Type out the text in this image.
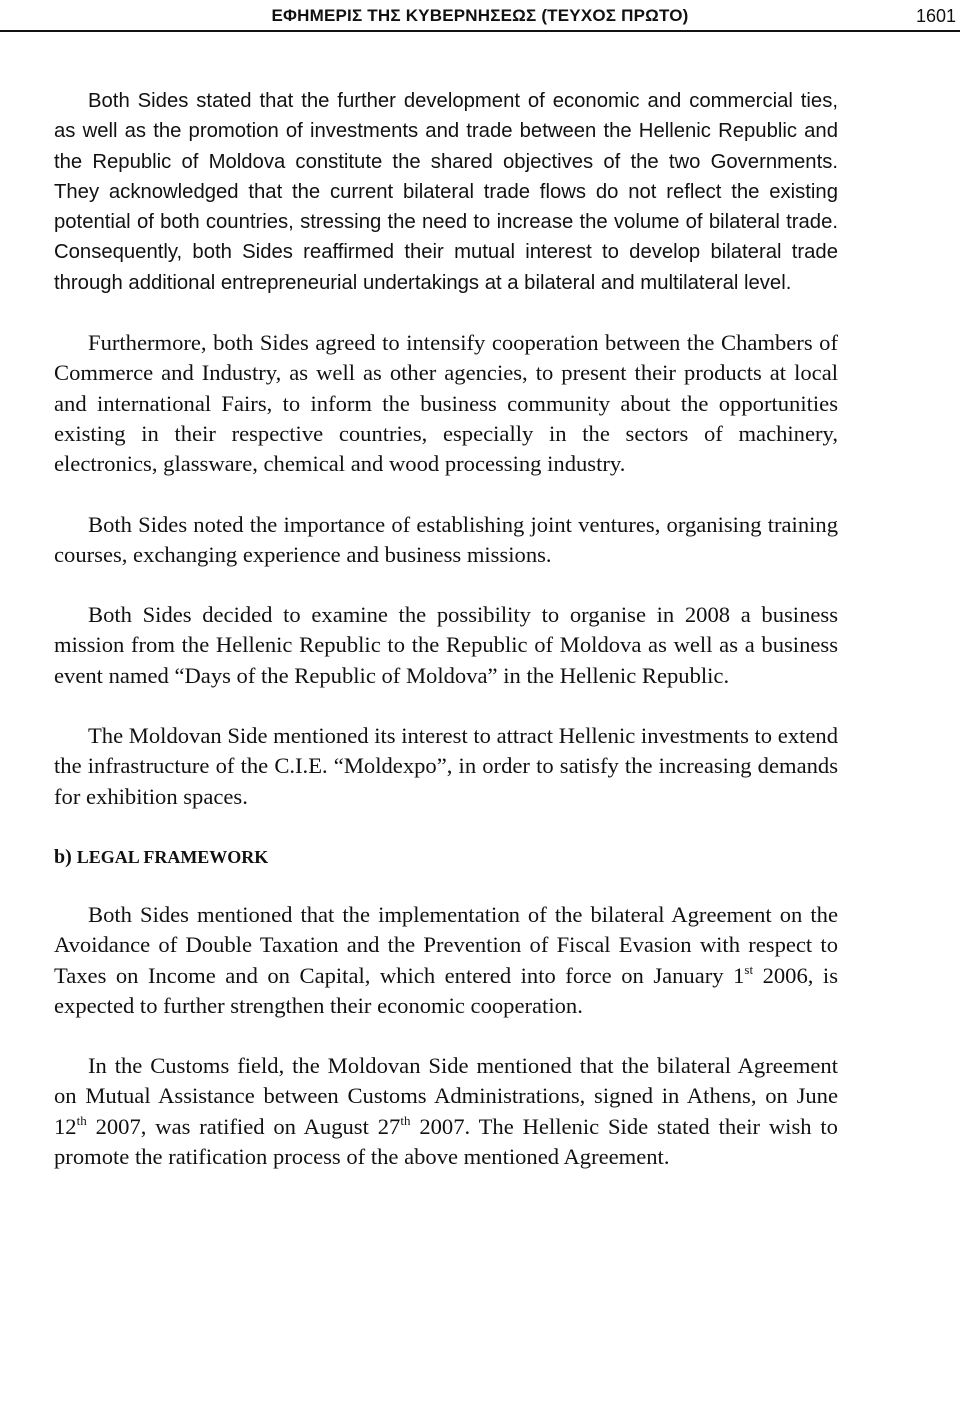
ΕΦΗΜΕΡΙΣ ΤΗΣ ΚΥΒΕΡΝΗΣΕΩΣ (ΤΕΥΧΟΣ ΠΡΩΤΟ)	1601

Both Sides stated that the further development of economic and commercial ties, as well as the promotion of investments and trade between the Hellenic Republic and the Republic of Moldova constitute the shared objectives of the two Governments. They acknowledged that the current bilateral trade flows do not reflect the existing potential of both countries, stressing the need to increase the volume of bilateral trade. Consequently, both Sides reaffirmed their mutual interest to develop bilateral trade through additional entrepreneurial undertakings at a bilateral and multilateral level.

Furthermore, both Sides agreed to intensify cooperation between the Chambers of Commerce and Industry, as well as other agencies, to present their products at local and international Fairs, to inform the business community about the opportunities existing in their respective countries, especially in the sectors of machinery, electronics, glassware, chemical and wood processing industry.

Both Sides noted the importance of establishing joint ventures, organising training courses, exchanging experience and business missions.

Both Sides decided to examine the possibility to organise in 2008 a business mission from the Hellenic Republic to the Republic of Moldova as well as a business event named “Days of the Republic of Moldova” in the Hellenic Republic.

The Moldovan Side mentioned its interest to attract Hellenic investments to extend the infrastructure of the C.I.E. “Moldexpo”, in order to satisfy the increasing demands for exhibition spaces.

b) LEGAL FRAMEWORK

Both Sides mentioned that the implementation of the bilateral Agreement on the Avoidance of Double Taxation and the Prevention of Fiscal Evasion with respect to Taxes on Income and on Capital, which entered into force on January 1st 2006, is expected to further strengthen their economic cooperation.

In the Customs field, the Moldovan Side mentioned that the bilateral Agreement on Mutual Assistance between Customs Administrations, signed in Athens, on June 12th 2007, was ratified on August 27th 2007. The Hellenic Side stated their wish to promote the ratification process of the above mentioned Agreement.
